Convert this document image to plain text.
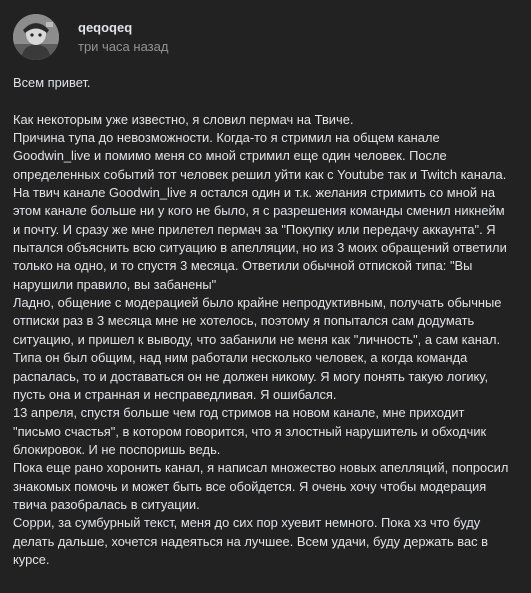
qeqoqeq
три часа назад
Всем привет.
Как некоторым уже известно, я словил пермач на Твиче.
Причина тупа до невозможности. Когда-то я стримил на общем канале
Goodwin_live и помимо меня со мной стримил еще один человек. После
определенных событий тот человек решил уйти как с Youtube так и Twitch канала.
На твич канале Goodwin_live я остался один и т.к. желания стримить со мной на
этом канале больше ни у кого не было, я с разрешения команды сменил никнейм
и почту. И сразу же мне прилетел пермач за "Покупку или передачу аккаунта". Я
пытался объяснить всю ситуацию в апелляции, но из 3 моих обращений ответили
только на одно, и то спустя 3 месяца. Ответили обычной отпиской типа: "Вы
нарушили правило, вы забанены"
Ладно, общение с модерацией было крайне непродуктивным, получать обычные
отписки раз в 3 месяца мне не хотелось, поэтому я попытался сам додумать
ситуацию, и пришел к выводу, что забанили не меня как "личность", а сам канал.
Типа он был общим, над ним работали несколько человек, а когда команда
распалась, то и доставаться он не должен никому. Я могу понять такую логику,
пусть она и странная и несправедливая. Я ошибался.
13 апреля, спустя больше чем год стримов на новом канале, мне приходит
"письмо счастья", в котором говорится, что я злостный нарушитель и обходчик
блокировок. И не поспоришь ведь.
Пока еще рано хоронить канал, я написал множество новых апелляций, попросил
знакомых помочь и может быть все обойдется. Я очень хочу чтобы модерация
твича разобралась в ситуации.
Сорри, за сумбурный текст, меня до сих пор хуевит немного. Пока хз что буду
делать дальше, хочется надеяться на лучшее. Всем удачи, буду держать вас в
курсе.
